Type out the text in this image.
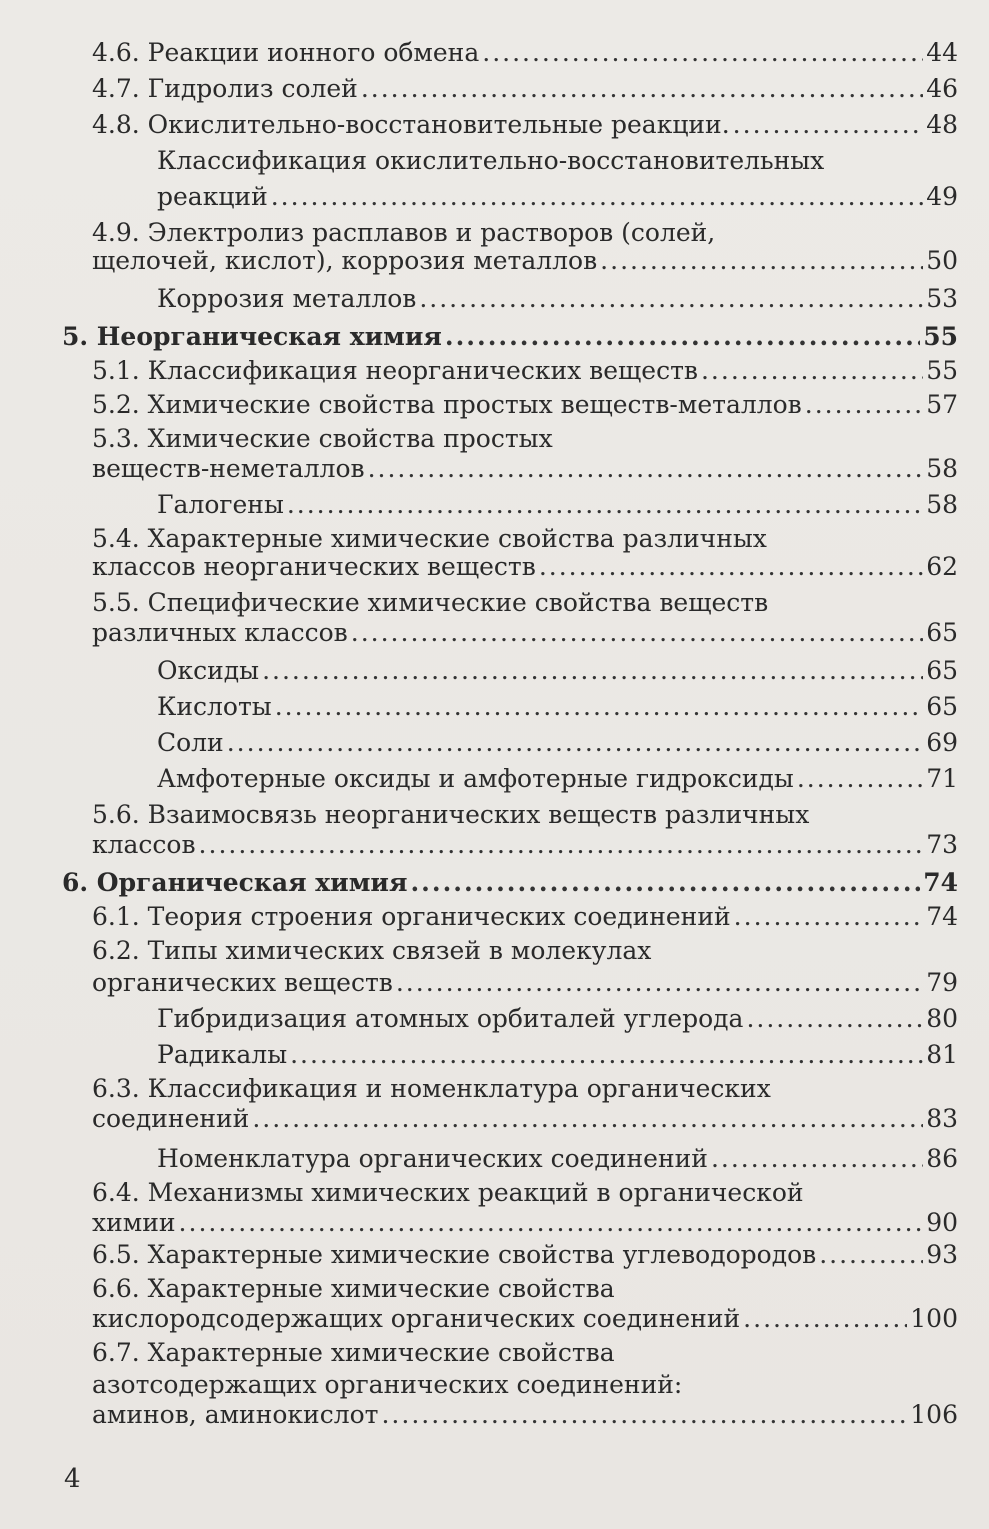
4.6. Реакции ионного обмена .....	44
4.7. Гидролиз солей .....	46
4.8. Окислительно-восстановительные реакции. .....	48
Классификация окислительно-восстановительных
реакций .....	49
4.9. Электролиз расплавов и растворов (солей,
щелочей, кислот), коррозия металлов .....	50
Коррозия металлов .....	53
5. Неорганическая химия .....	55
5.1. Классификация неорганических веществ .....	55
5.2. Химические свойства простых веществ-металлов .....	57
5.3. Химические свойства простых
веществ-неметаллов .....	58
Галогены .....	58
5.4. Характерные химические свойства различных
классов неорганических веществ .....	62
5.5. Специфические химические свойства веществ
различных классов .....	65
Оксиды .....	65
Кислоты .....	65
Соли .....	69
Амфотерные оксиды и амфотерные гидроксиды .....	71
5.6. Взаимосвязь неорганических веществ различных
классов .....	73
6. Органическая химия .....	74
6.1. Теория строения органических соединений .....	74
6.2. Типы химических связей в молекулах
органических веществ .....	79
Гибридизация атомных орбиталей углерода .....	80
Радикалы .....	81
6.3. Классификация и номенклатура органических
соединений .....	83
Номенклатура органических соединений .....	86
6.4. Механизмы химических реакций в органической
химии .....	90
6.5. Характерные химические свойства углеводородов .....	93
6.6. Характерные химические свойства
кислородсодержащих органических соединений .....	100
6.7. Характерные химические свойства
азотсодержащих органических соединений:
аминов, аминокислот .....	106
4
